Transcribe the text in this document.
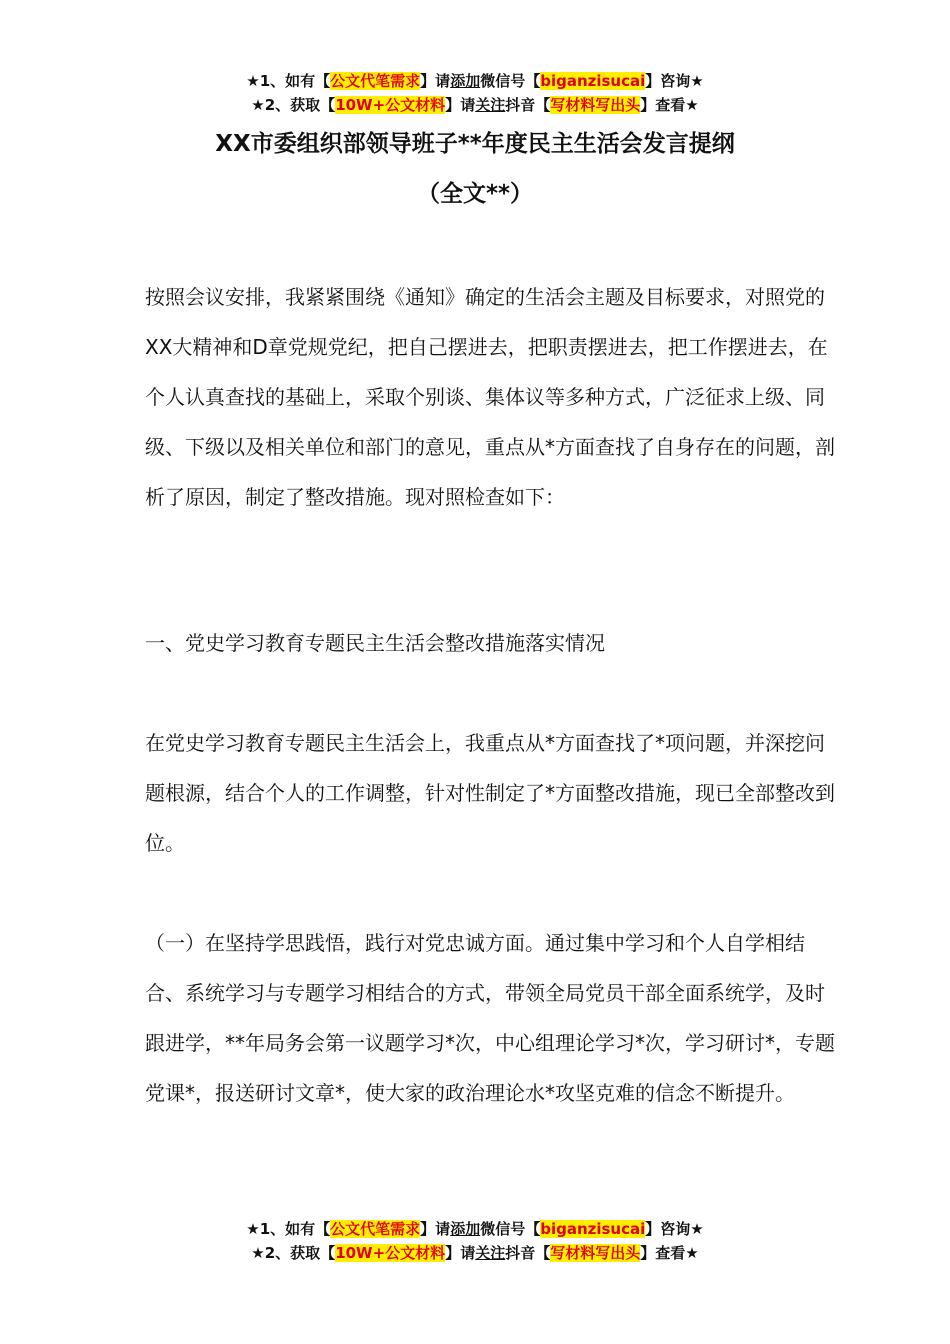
★1、如有【公文代笔需求】请添加微信号【biganzisucai】咨询★
★2、获取【10W+公文材料】请关注抖音【写材料写出头】查看★
XX市委组织部领导班子**年度民主生活会发言提纲
（全文**）

按照会议安排，我紧紧围绕《通知》确定的生活会主题及目标要求，对照党的XX大精神和D章党规党纪，把自己摆进去，把职责摆进去，把工作摆进去，在个人认真查找的基础上，采取个别谈、集体议等多种方式，广泛征求上级、同级、下级以及相关单位和部门的意见，重点从*方面查找了自身存在的问题，剖析了原因，制定了整改措施。现对照检查如下：

一、党史学习教育专题民主生活会整改措施落实情况

在党史学习教育专题民主生活会上，我重点从*方面查找了*项问题，并深挖问题根源，结合个人的工作调整，针对性制定了*方面整改措施，现已全部整改到位。

（一）在坚持学思践悟，践行对党忠诚方面。通过集中学习和个人自学相结合、系统学习与专题学习相结合的方式，带领全局党员干部全面系统学，及时跟进学，**年局务会第一议题学习*次，中心组理论学习*次，学习研讨*，专题党课*，报送研讨文章*，使大家的政治理论水*攻坚克难的信念不断提升。

★1、如有【公文代笔需求】请添加微信号【biganzisucai】咨询★
★2、获取【10W+公文材料】请关注抖音【写材料写出头】查看★
